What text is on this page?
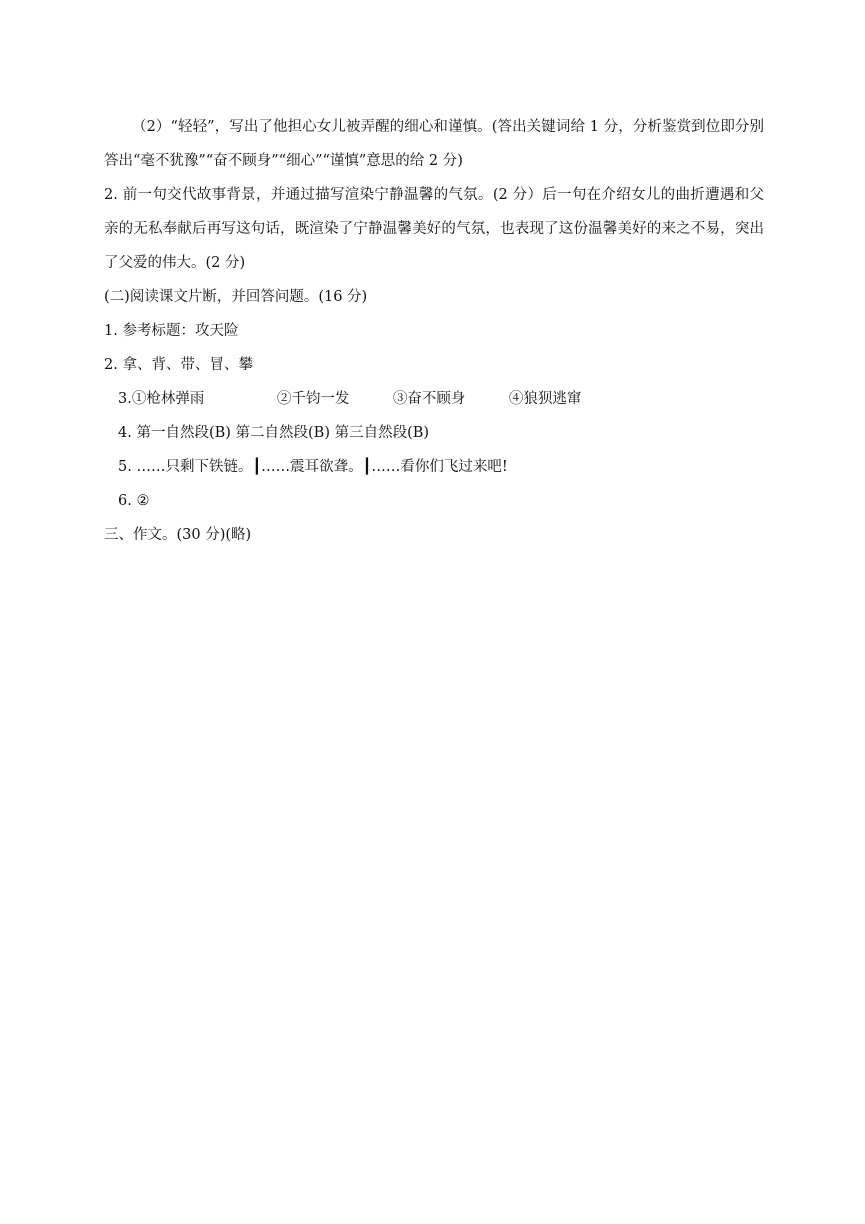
（2）“轻轻”，写出了他担心女儿被弄醒的细心和谨慎。(答出关键词给 1 分，分析鉴赏到位即分别答出“毫不犹豫”“奋不顾身”“细心”“谨慎”意思的给 2 分)

2. 前一句交代故事背景，并通过描写渲染宁静温馨的气氛。(2 分）后一句在介绍女儿的曲折遭遇和父亲的无私奉献后再写这句话，既渲染了宁静温馨美好的气氛，也表现了这份温馨美好的来之不易，突出了父爱的伟大。(2 分)

(二)阅读课文片断，并回答问题。(16 分)

1. 参考标题：攻天险

2. 拿、背、带、冒、攀

3.①枪林弹雨	②千钧一发	③奋不顾身	④狼狈逃窜

4. 第一自然段(B) 第二自然段(B) 第三自然段(B)

5. ……只剩下铁链。┃……震耳欲聋。┃……看你们飞过来吧!

6. ②

三、作文。(30 分)(略)
